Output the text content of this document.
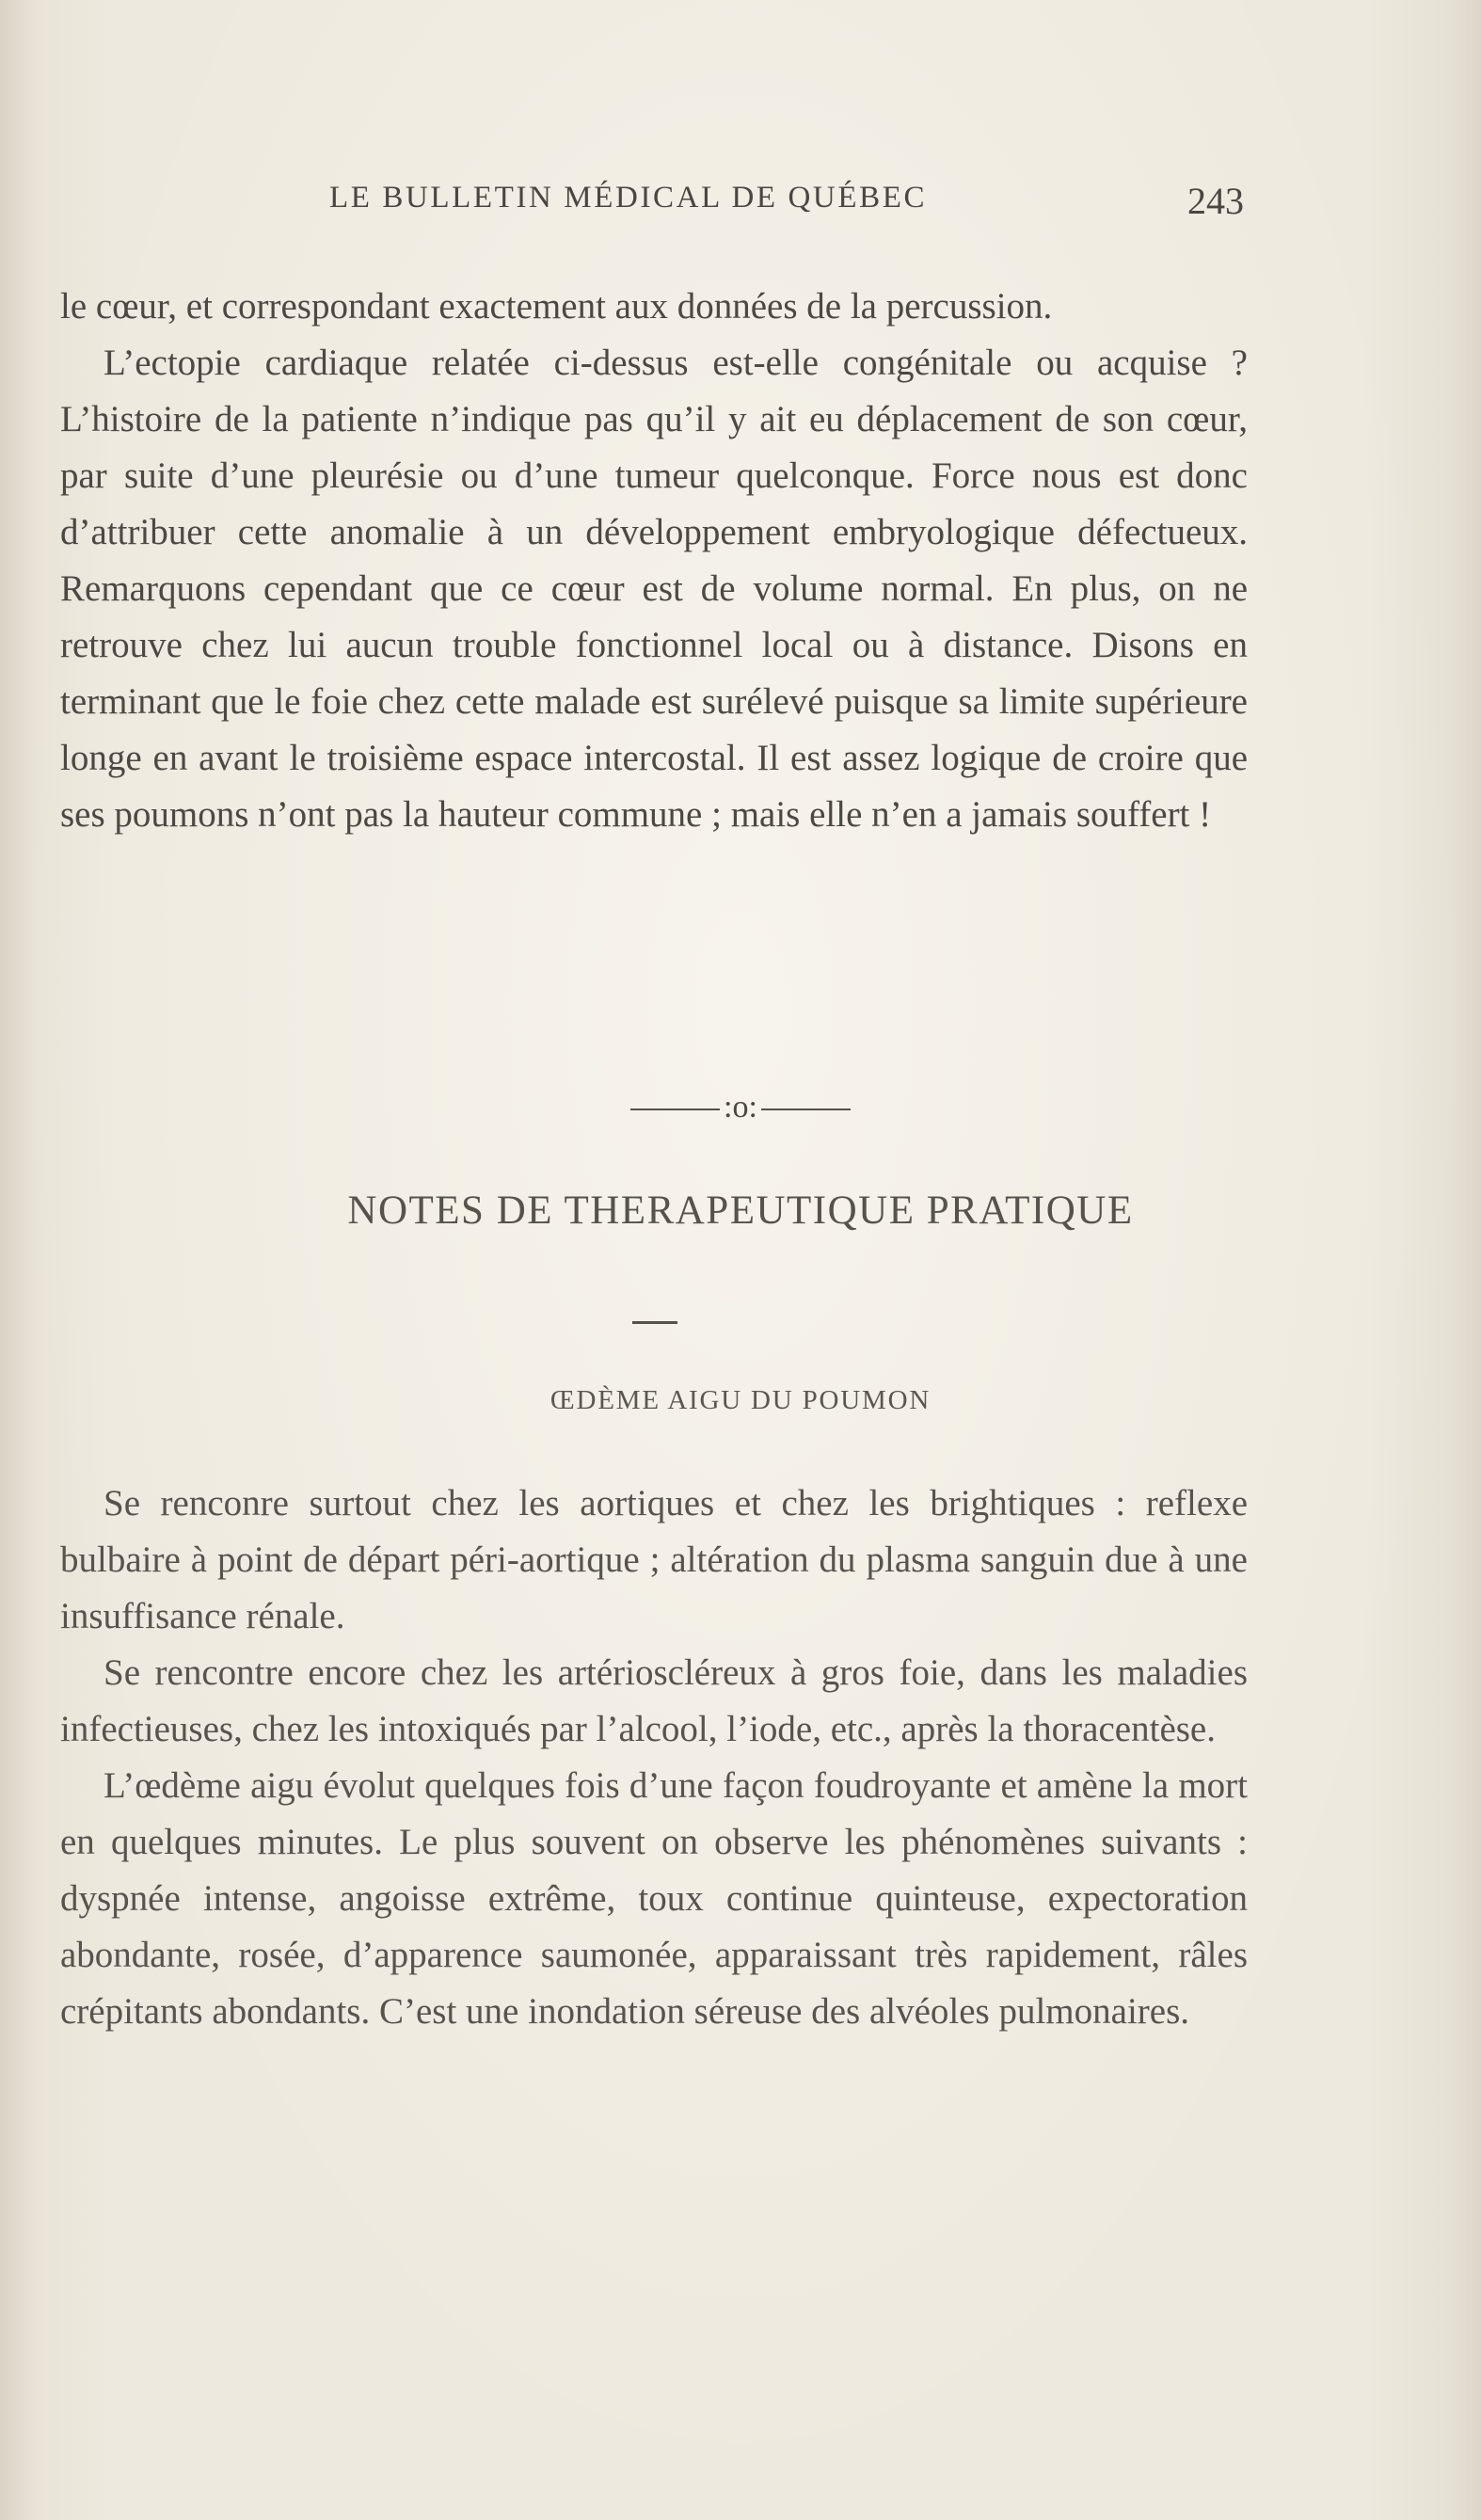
LE BULLETIN MÉDICAL DE QUÉBEC	243

le cœur, et correspondant exactement aux données de la percussion.

L’ectopie cardiaque relatée ci-dessus est-elle congénitale ou acquise ? L’histoire de la patiente n’indique pas qu’il y ait eu déplacement de son cœur, par suite d’une pleurésie ou d’une tumeur quelconque. Force nous est donc d’attribuer cette anomalie à un développement embryologique défectueux. Remarquons cependant que ce cœur est de volume normal. En plus, on ne retrouve chez lui aucun trouble fonctionnel local ou à distance. Disons en terminant que le foie chez cette malade est surélevé puisque sa limite supérieure longe en avant le troisième espace intercostal. Il est assez logique de croire que ses poumons n’ont pas la hauteur commune ; mais elle n’en a jamais souffert !

:o:
NOTES DE THERAPEUTIQUE PRATIQUE
ŒDÈME AIGU DU POUMON

Se renconre surtout chez les aortiques et chez les brightiques : reflexe bulbaire à point de départ péri-aortique ; altération du plasma sanguin due à une insuffisance rénale.

Se rencontre encore chez les artérioscléreux à gros foie, dans les maladies infectieuses, chez les intoxiqués par l’alcool, l’iode, etc., après la thoracentèse.

L’œdème aigu évolut quelques fois d’une façon foudroyante et amène la mort en quelques minutes. Le plus souvent on observe les phénomènes suivants : dyspnée intense, angoisse extrême, toux continue quinteuse, expectoration abondante, rosée, d’apparence saumonée, apparaissant très rapidement, râles crépitants abondants. C’est une inondation séreuse des alvéoles pulmonaires.
